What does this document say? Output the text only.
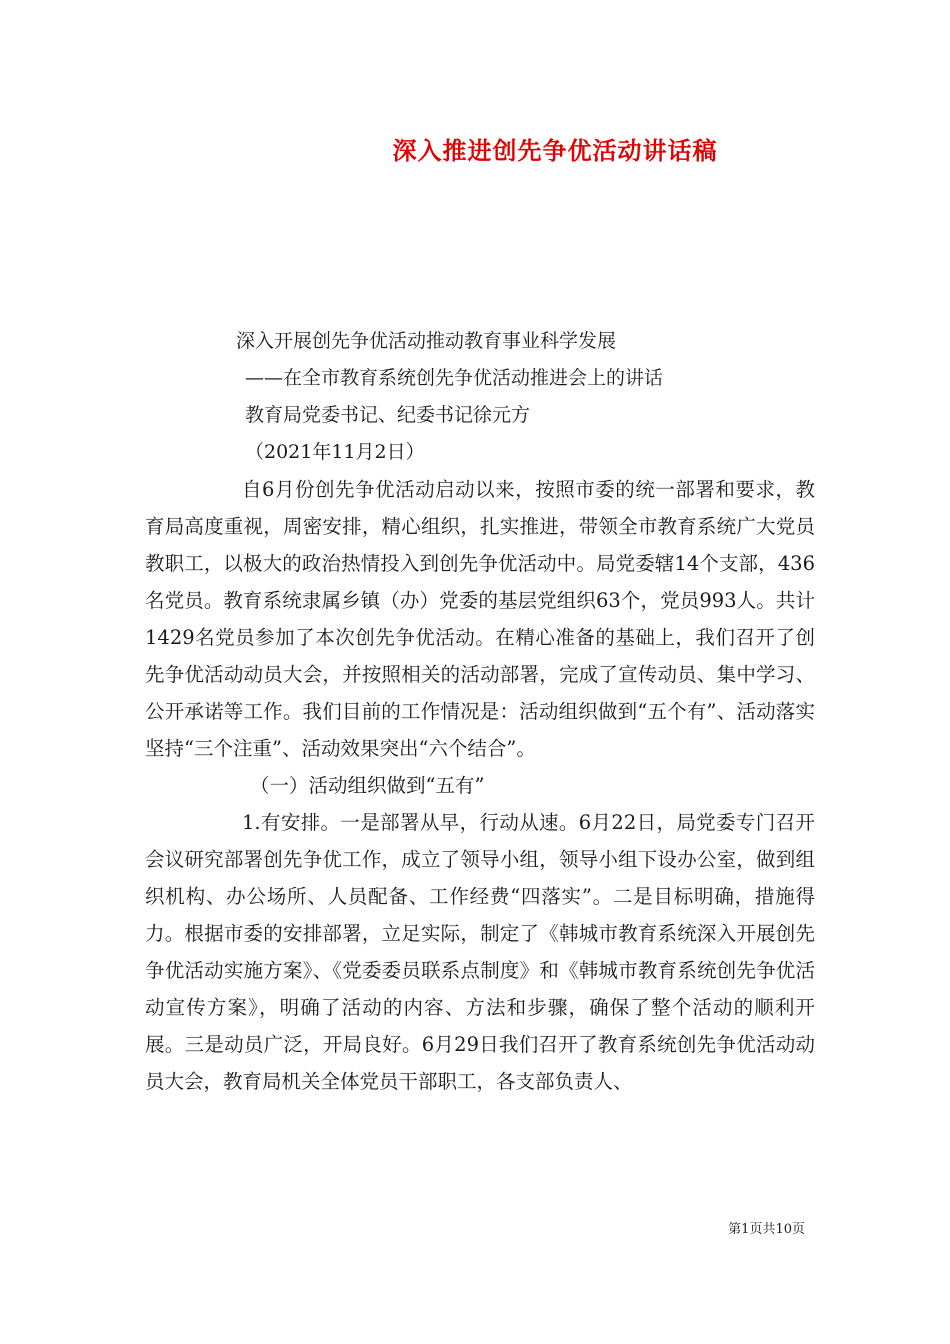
深入推进创先争优活动讲话稿
深入开展创先争优活动推动教育事业科学发展
——在全市教育系统创先争优活动推进会上的讲话
教育局党委书记、纪委书记徐元方
（2021年11月2日）

自6月份创先争优活动启动以来，按照市委的统一部署和要求，教育局高度重视，周密安排，精心组织，扎实推进，带领全市教育系统广大党员教职工，以极大的政治热情投入到创先争优活动中。局党委辖14个支部，436名党员。教育系统隶属乡镇（办）党委的基层党组织63个，党员993人。共计1429名党员参加了本次创先争优活动。在精心准备的基础上，我们召开了创先争优活动动员大会，并按照相关的活动部署，完成了宣传动员、集中学习、公开承诺等工作。我们目前的工作情况是：活动组织做到“五个有”、活动落实坚持“三个注重”、活动效果突出“六个结合”。

（一）活动组织做到“五有”

1.有安排。一是部署从早，行动从速。6月22日，局党委专门召开会议研究部署创先争优工作，成立了领导小组，领导小组下设办公室，做到组织机构、办公场所、人员配备、工作经费“四落实”。二是目标明确，措施得力。根据市委的安排部署，立足实际，制定了《韩城市教育系统深入开展创先争优活动实施方案》、《党委委员联系点制度》和《韩城市教育系统创先争优活动宣传方案》，明确了活动的内容、方法和步骤，确保了整个活动的顺利开展。三是动员广泛，开局良好。6月29日我们召开了教育系统创先争优活动动员大会，教育局机关全体党员干部职工，各支部负责人、

第1页共10页
